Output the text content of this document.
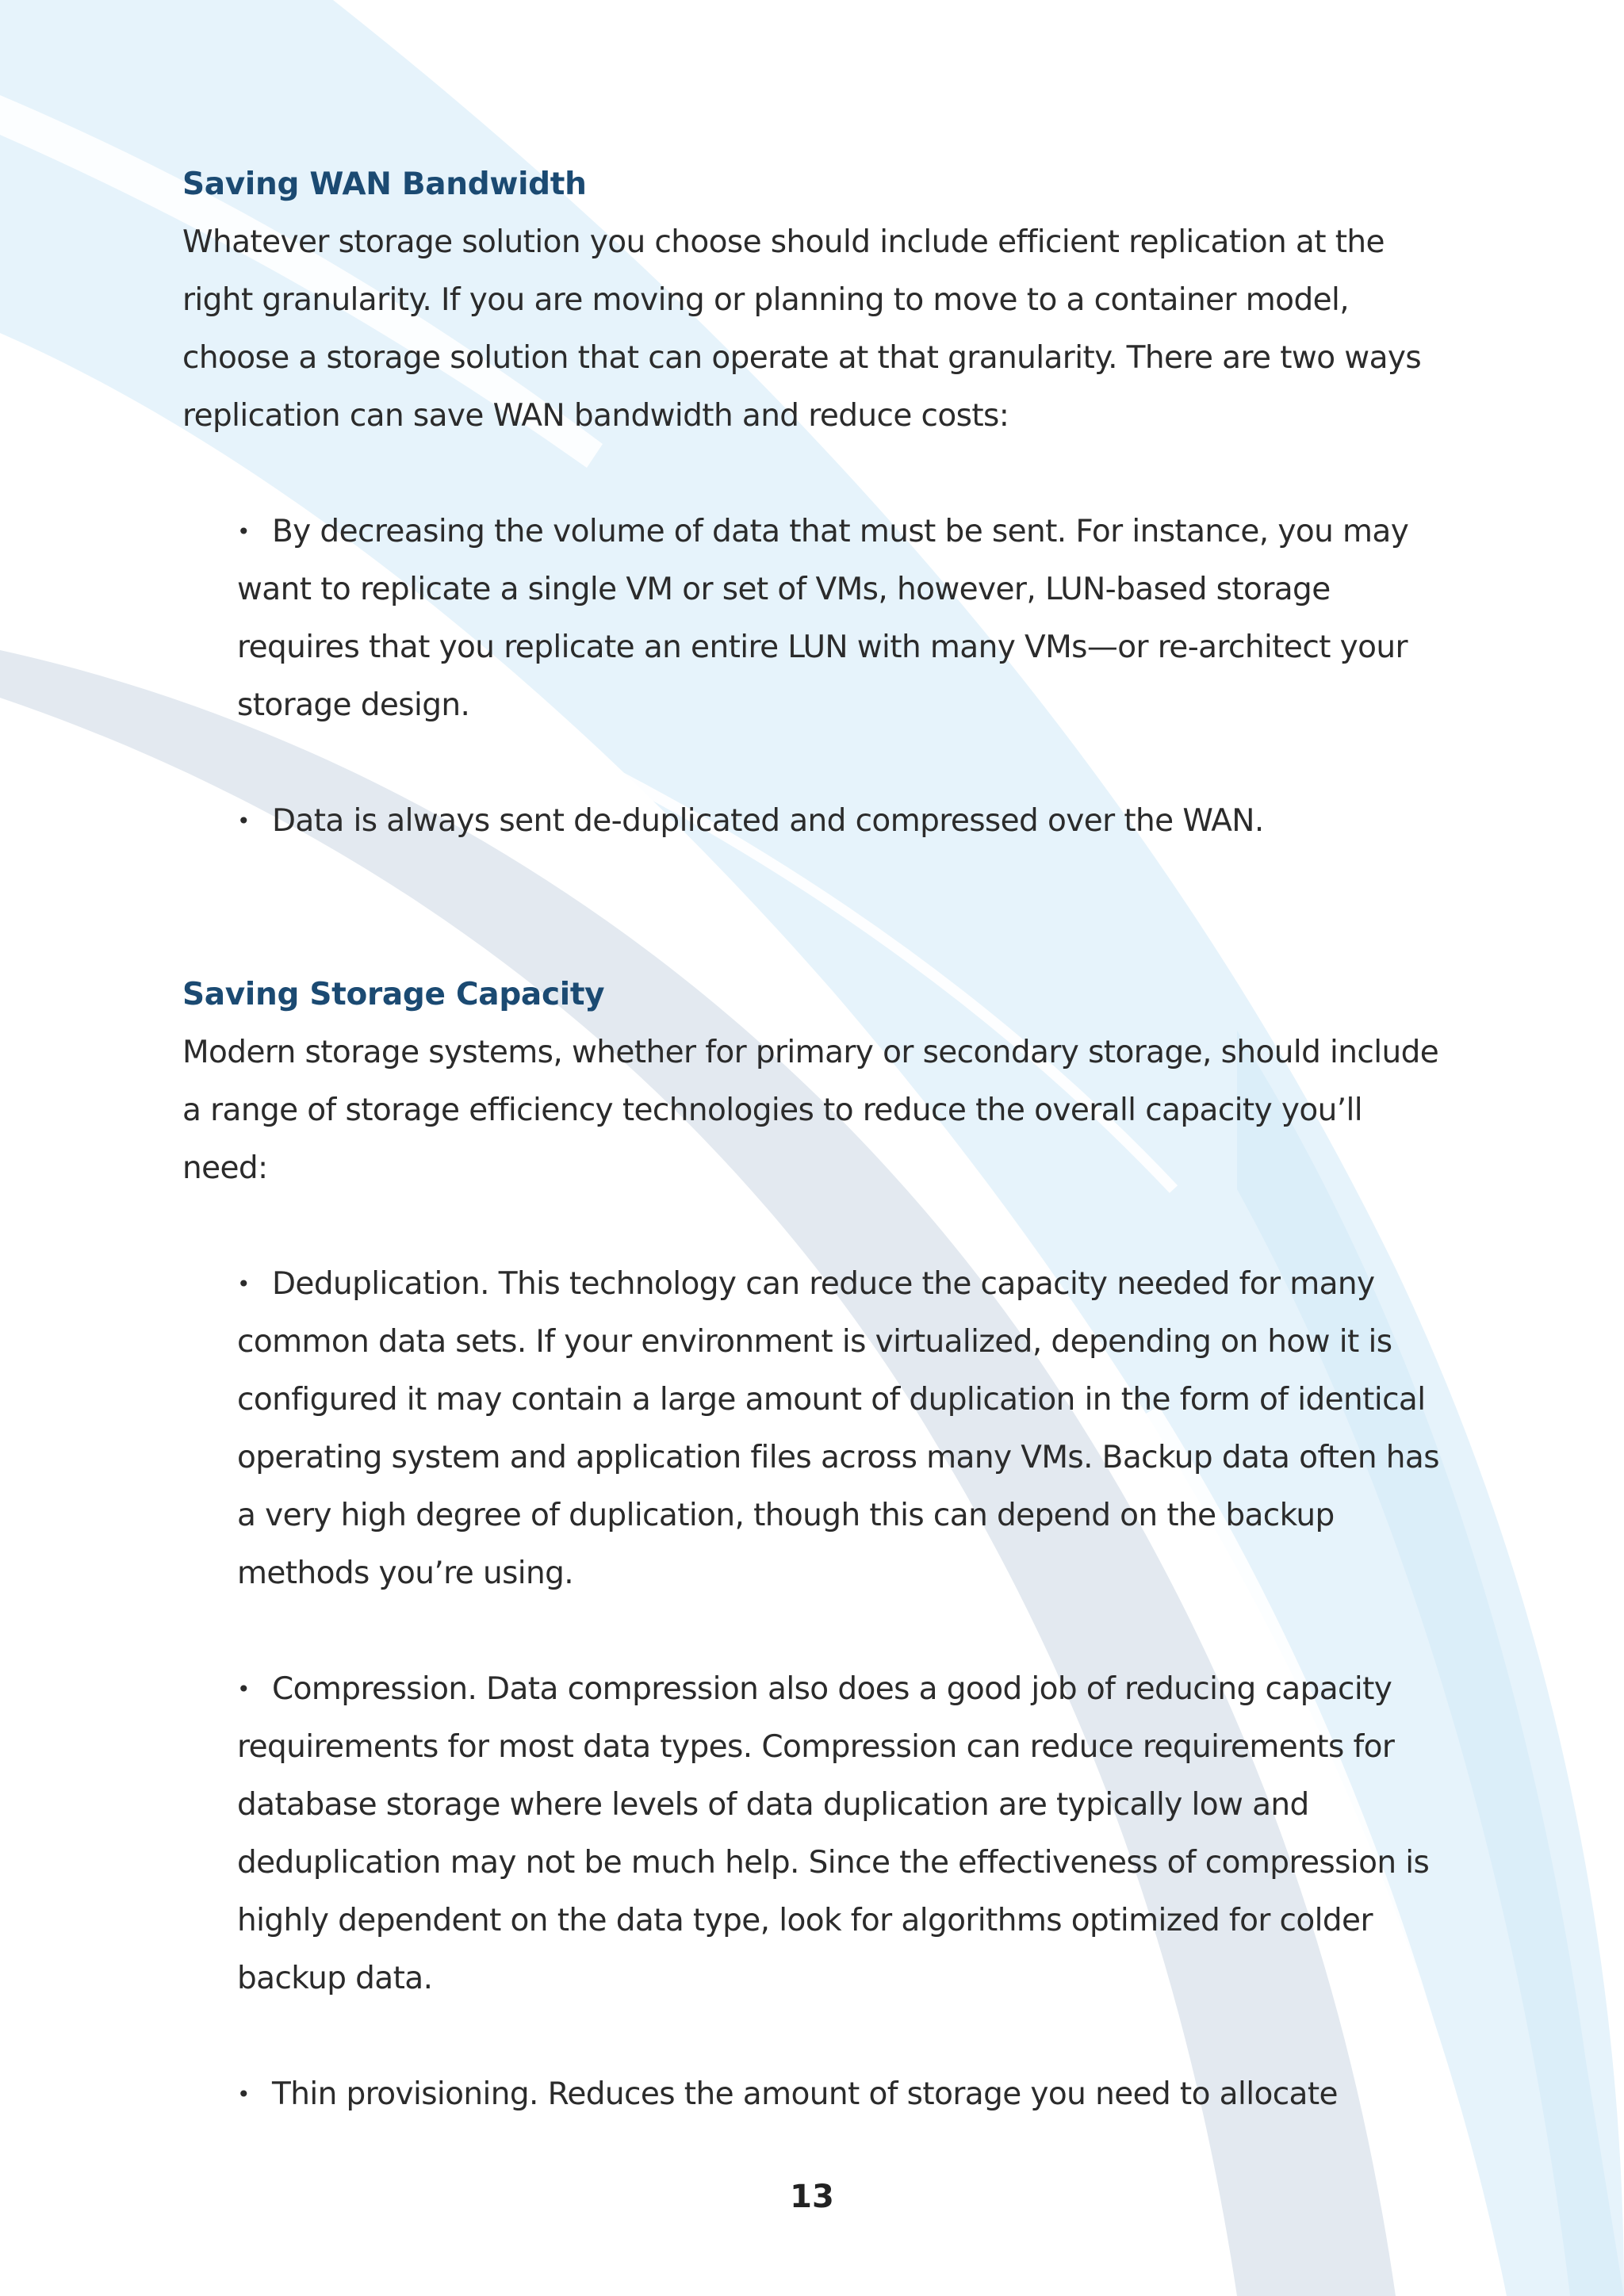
Saving WAN Bandwidth

Whatever storage solution you choose should include efficient replication at the right granularity. If you are moving or planning to move to a container model, choose a storage solution that can operate at that granularity. There are two ways replication can save WAN bandwidth and reduce costs:

• By decreasing the volume of data that must be sent. For instance, you may want to replicate a single VM or set of VMs, however, LUN-based storage requires that you replicate an entire LUN with many VMs—or re-architect your storage design.
• Data is always sent de-duplicated and compressed over the WAN.
Saving Storage Capacity

Modern storage systems, whether for primary or secondary storage, should include a range of storage efficiency technologies to reduce the overall capacity you’ll need:

• Deduplication. This technology can reduce the capacity needed for many common data sets. If your environment is virtualized, depending on how it is configured it may contain a large amount of duplication in the form of identical operating system and application files across many VMs. Backup data often has a very high degree of duplication, though this can depend on the backup methods you’re using.
• Compression. Data compression also does a good job of reducing capacity requirements for most data types. Compression can reduce requirements for database storage where levels of data duplication are typically low and deduplication may not be much help. Since the effectiveness of compression is highly dependent on the data type, look for algorithms optimized for colder backup data.
• Thin provisioning. Reduces the amount of storage you need to allocate
13
